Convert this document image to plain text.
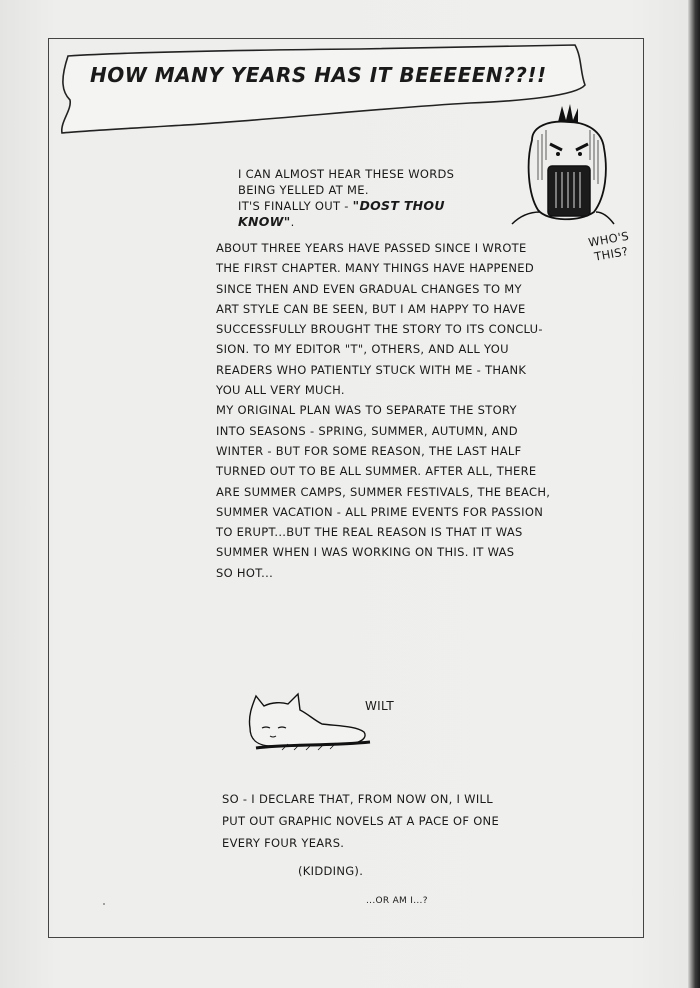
HOW MANY YEARS HAS IT BEEEEEN??!!

I CAN ALMOST HEAR THESE WORDS

BEING YELLED AT ME.

IT'S FINALLY OUT - "DOST THOU

KNOW".

WHO'S

THIS?

ABOUT THREE YEARS HAVE PASSED SINCE I WROTE

THE FIRST CHAPTER. MANY THINGS HAVE HAPPENED

SINCE THEN AND EVEN GRADUAL CHANGES TO MY

ART STYLE CAN BE SEEN, BUT I AM HAPPY TO HAVE

SUCCESSFULLY BROUGHT THE STORY TO ITS CONCLU-

SION. TO MY EDITOR "T", OTHERS, AND ALL YOU

READERS WHO PATIENTLY STUCK WITH ME - THANK

YOU ALL VERY MUCH.

MY ORIGINAL PLAN WAS TO SEPARATE THE STORY

INTO SEASONS - SPRING, SUMMER, AUTUMN, AND

WINTER - BUT FOR SOME REASON, THE LAST HALF

TURNED OUT TO BE ALL SUMMER. AFTER ALL, THERE

ARE SUMMER CAMPS, SUMMER FESTIVALS, THE BEACH,

SUMMER VACATION - ALL PRIME EVENTS FOR PASSION

TO ERUPT...BUT THE REAL REASON IS THAT IT WAS

SUMMER WHEN I WAS WORKING ON THIS. IT WAS

SO HOT...

WILT

SO - I DECLARE THAT, FROM NOW ON, I WILL

PUT OUT GRAPHIC NOVELS AT A PACE OF ONE

EVERY FOUR YEARS.

(KIDDING).
...OR AM I...?
